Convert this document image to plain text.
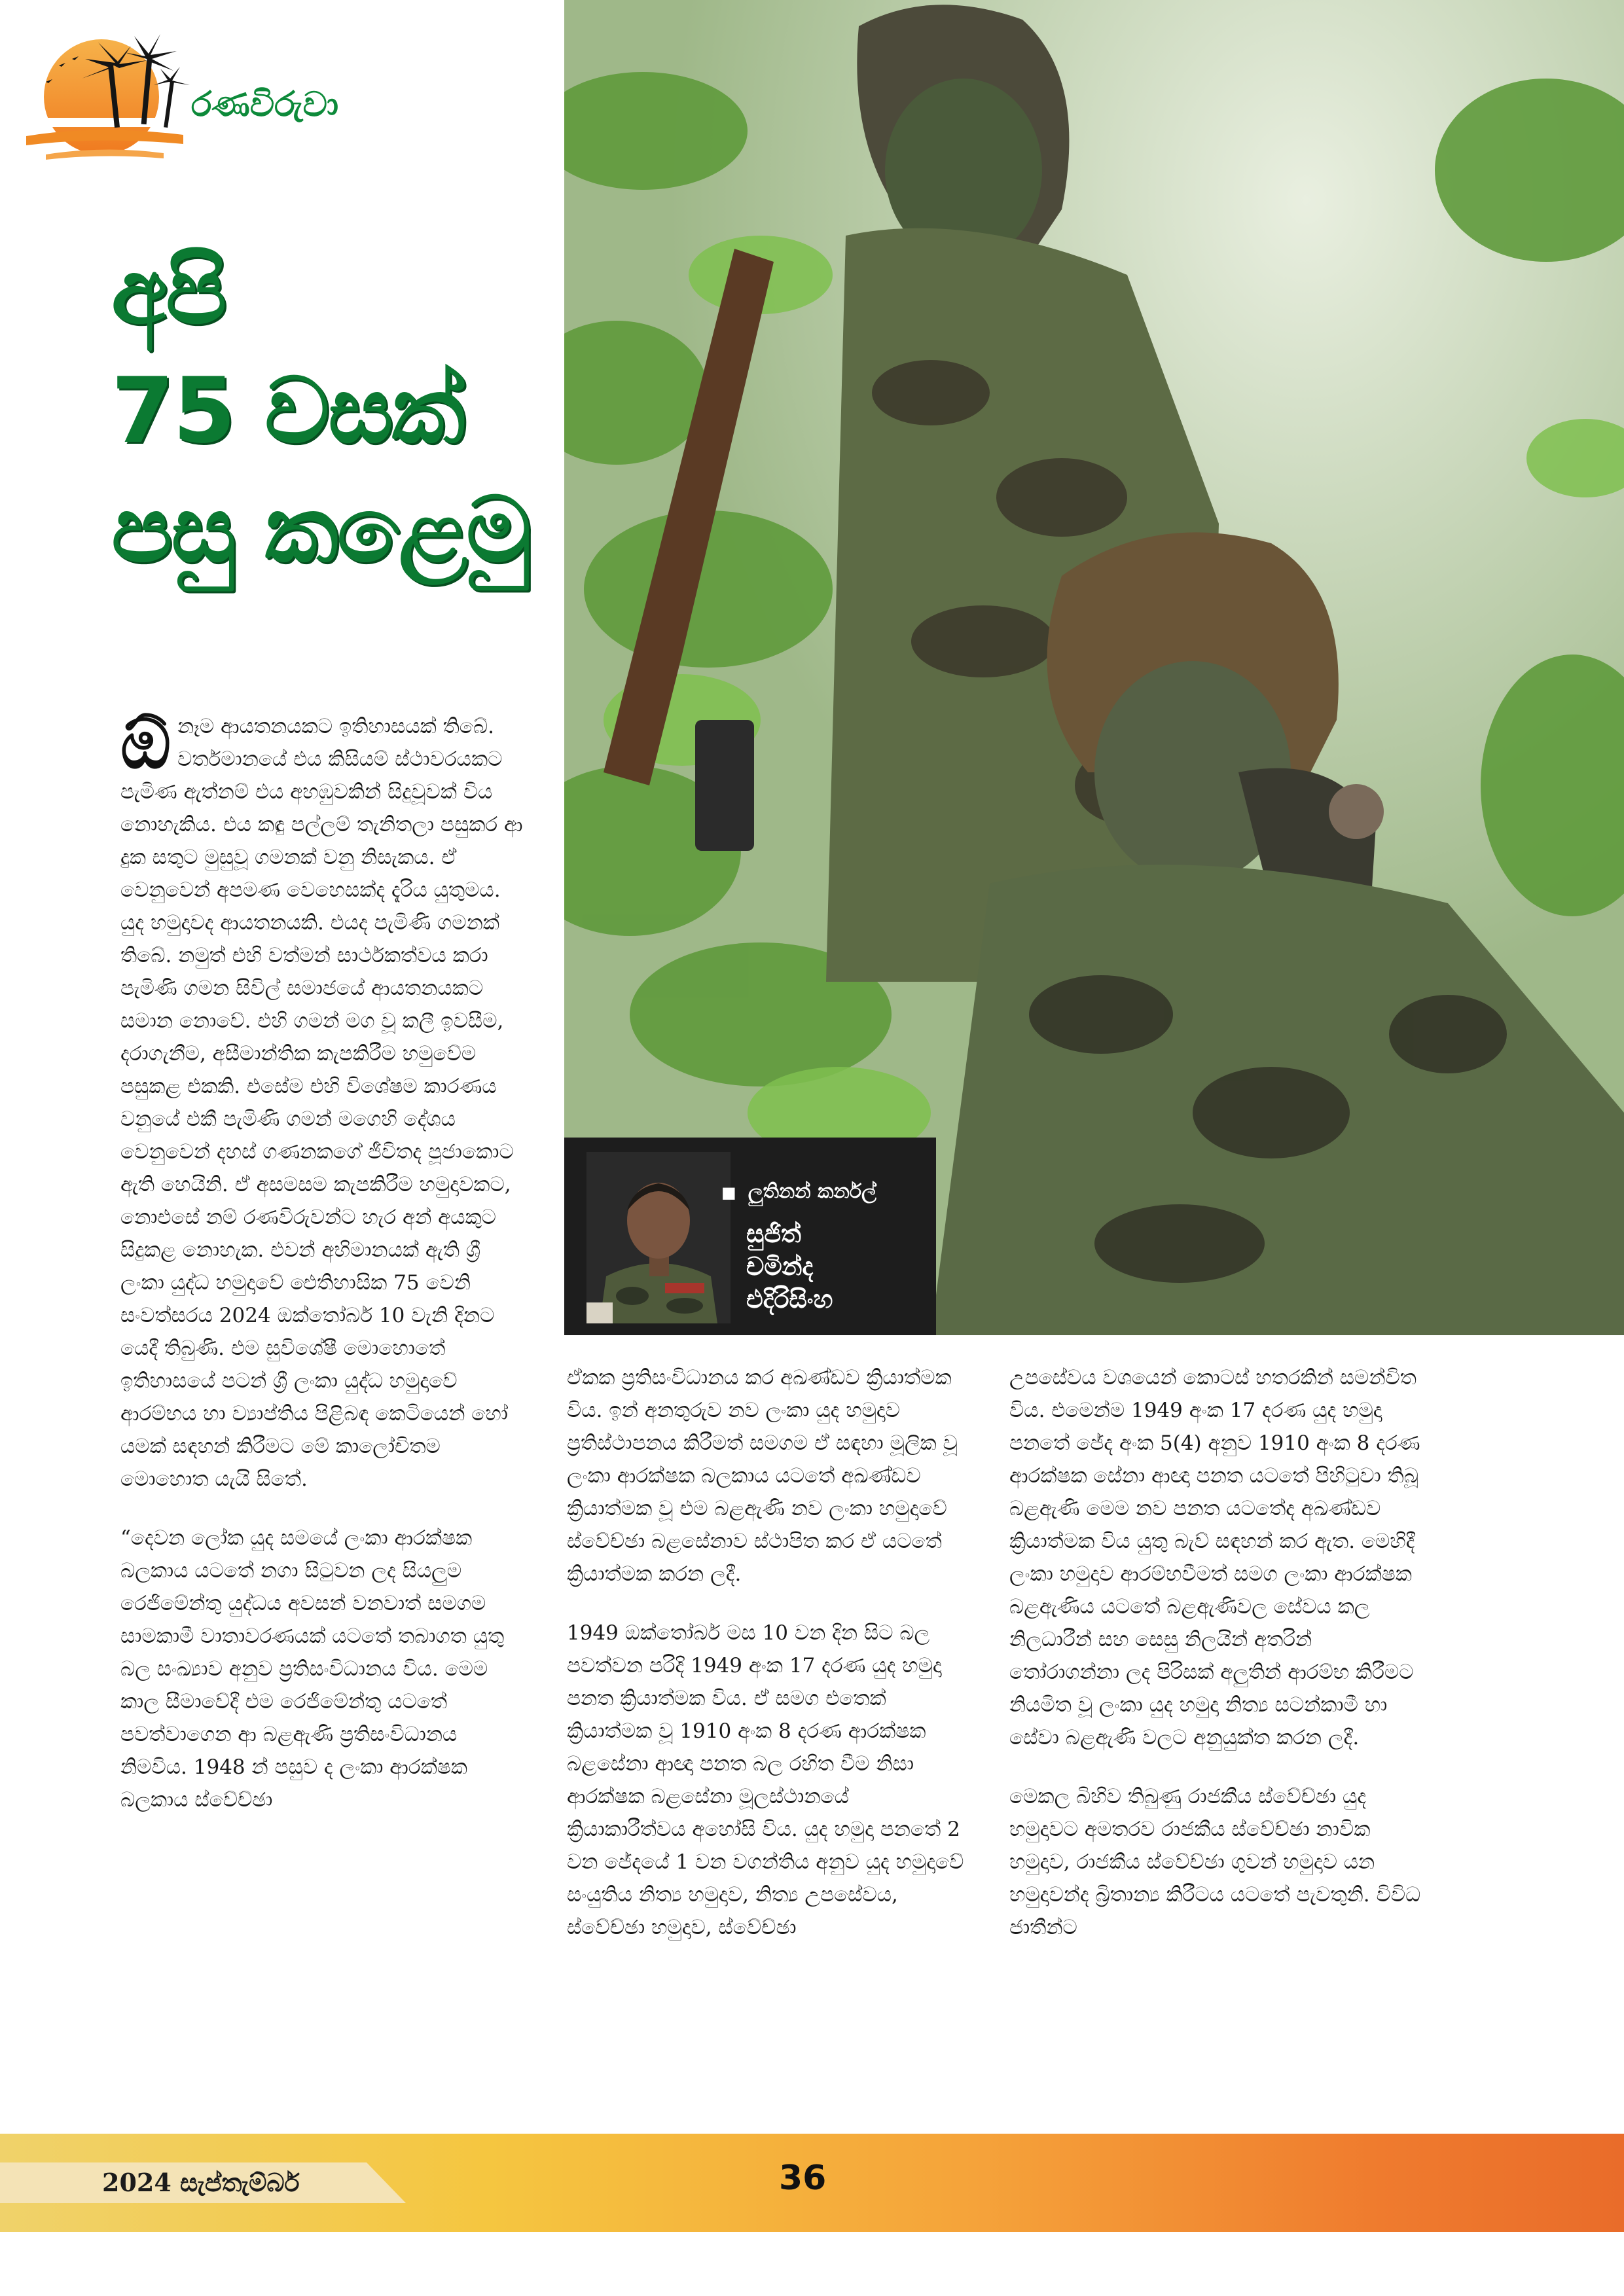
රණවිරුවා
අපි
75 වසක්
පසු කළෙමු
■ ලුතිනන් කර්නල්
සුජිත්
චමින්ද
එදිරිසිංහ

ඕ නෑම ආයතනයකට ඉතිහාසයක් තිබේ. වර්තමානයේ එය කිසියම් ස්ථාවරයකට පැමිණ ඇත්නම් එය අහඹුවකින් සිදුවූවක් විය නොහැකිය. එය කඳු පල්ලම් තැනිතලා පසුකර ආ දුක සතුට මුසුවූ ගමනක් වනු නිසැකය. ඒ වෙනුවෙන් අපමණ වෙහෙසක්ද දැරිය යුතුමය. යුද හමුදාවද ආයතනයකි. එයද පැමිණි ගමනක් තිබේ. නමුත් එහි වත්මන් සාර්ථකත්වය කරා පැමිණි ගමන සිවිල් සමාජයේ ආයතනයකට සමාන නොවේ. එහි ගමන් මග වූ කලී ඉවසීම, දරාගැනීම, අසීමාන්තික කැපකිරීම හමුවේම පසුකළ එකකි. එසේම එහි විශේෂම කාරණය වනුයේ එකී පැමිණි ගමන් මගෙහි දේශය වෙනුවෙන් දහස් ගණනකගේ ජීවිතද පූජාකොට ඇති හෙයිනි. ඒ අසමසම කැපකිරීම හමුදාවකට, නොඑසේ නම් රණවිරුවන්ට හැර අන් අයකුට සිදුකළ නොහැක. එවන් අභිමානයක් ඇති ශ්‍රී ලංකා යුද්ධ හමුදාවේ ඓතිහාසික 75 වෙනි සංවත්සරය 2024 ඔක්තෝබර් 10 වැනි දිනට යෙදී තිබුණි. එම සුවිශේෂී මොහොතේ ඉතිහාසයේ පටන් ශ්‍රී ලංකා යුද්ධ හමුදාවේ ආරම්භය හා ව්‍යාප්තිය පිළිබඳ කෙටියෙන් හෝ යමක් සඳහන් කිරීමට මේ කාලෝචිතම මොහොත යැයි සිතේ.

“දෙවන ලෝක යුද සමයේ ලංකා ආරක්ෂක බලකාය යටතේ නගා සිටුවන ලද සියලුම රෙජිමේන්තු යුද්ධය අවසන් වනවාත් සමගම සාමකාමී වාතාවරණයක් යටතේ තබාගත යුතු බල සංඛ්‍යාව අනුව ප්‍රතිසංවිධානය විය. මෙම කාල සීමාවේදී එම රෙජිමේන්තු යටතේ පවත්වාගෙන ආ බළඇණි ප්‍රතිසංවිධානය නිමවිය. 1948 න් පසුව ද ලංකා ආරක්ෂක බලකාය ස්වේච්ඡා

ඒකක ප්‍රතිසංවිධානය කර අඛණ්ඩව ක්‍රියාත්මක විය. ඉන් අනතුරුව නව ලංකා යුද හමුදාව ප්‍රතිස්ථාපනය කිරීමත් සමගම ඒ සඳහා මූලික වූ ලංකා ආරක්ෂක බලකාය යටතේ අඛණ්ඩව ක්‍රියාත්මක වූ එම බළඇණි නව ලංකා හමුදාවේ ස්වේච්ඡා බළසේනාව ස්ථාපිත කර ඒ යටතේ ක්‍රියාත්මක කරන ලදී.

1949 ඔක්තෝබර් මස 10 වන දින සිට බල පවත්වන පරිදි 1949 අංක 17 දරණ යුද හමුදා පනත ක්‍රියාත්මක විය. ඒ සමග එතෙක් ක්‍රියාත්මක වූ 1910 අංක 8 දරණ ආරක්ෂක බළසේනා ආඥා පනත බල රහිත වීම නිසා ආරක්ෂක බළසේනා මූලස්ථානයේ ක්‍රියාකාරීත්වය අහෝසි විය. යුද හමුදා පනතේ 2 වන ජේදයේ 1 වන වගන්තිය අනුව යුද හමුදාවේ සංයුතිය නිත්‍ය හමුදාව, නිත්‍ය උපසේවය, ස්වේච්ඡා හමුදාව, ස්වේච්ඡා

උපසේවය වශයෙන් කොටස් හතරකින් සමන්විත විය. එමෙන්ම 1949 අංක 17 දරණ යුද හමුදා පනතේ ජේද අංක 5(4) අනුව 1910 අංක 8 දරණ ආරක්ෂක සේනා ආඥා පනත යටතේ පිහිටුවා තිබූ බළඇණි මෙම නව පනත යටතේද අඛණ්ඩව ක්‍රියාත්මක විය යුතු බැව් සඳහන් කර ඇත. මෙහිදී ලංකා හමුදාව ආරම්භවීමත් සමග ලංකා ආරක්ෂක බළඇණිය යටතේ බළඇණිවල සේවය කල නිලධාරීන් සහ සෙසු නිලයින් අතරින් තෝරාගන්නා ලද පිරිසක් අලුතින් ආරම්භ කිරීමට නියමිත වූ ලංකා යුද හමුදා නිත්‍ය සටන්කාමී හා සේවා බළඇණි වලට අනුයුක්ත කරන ලදී.

මෙකල බිහිව තිබුණු රාජකීය ස්වේච්ඡා යුද හමුදාවට අමතරව රාජකීය ස්වේච්ඡා නාවික හමුදාව, රාජකීය ස්වේච්ඡා ගුවන් හමුදාව යන හමුදාවන්ද බ්‍රිතාන්‍ය කිරීටය යටතේ පැවතුනි. විවිධ ජාතීන්ට

2024 සැප්තැම්බර්	36
